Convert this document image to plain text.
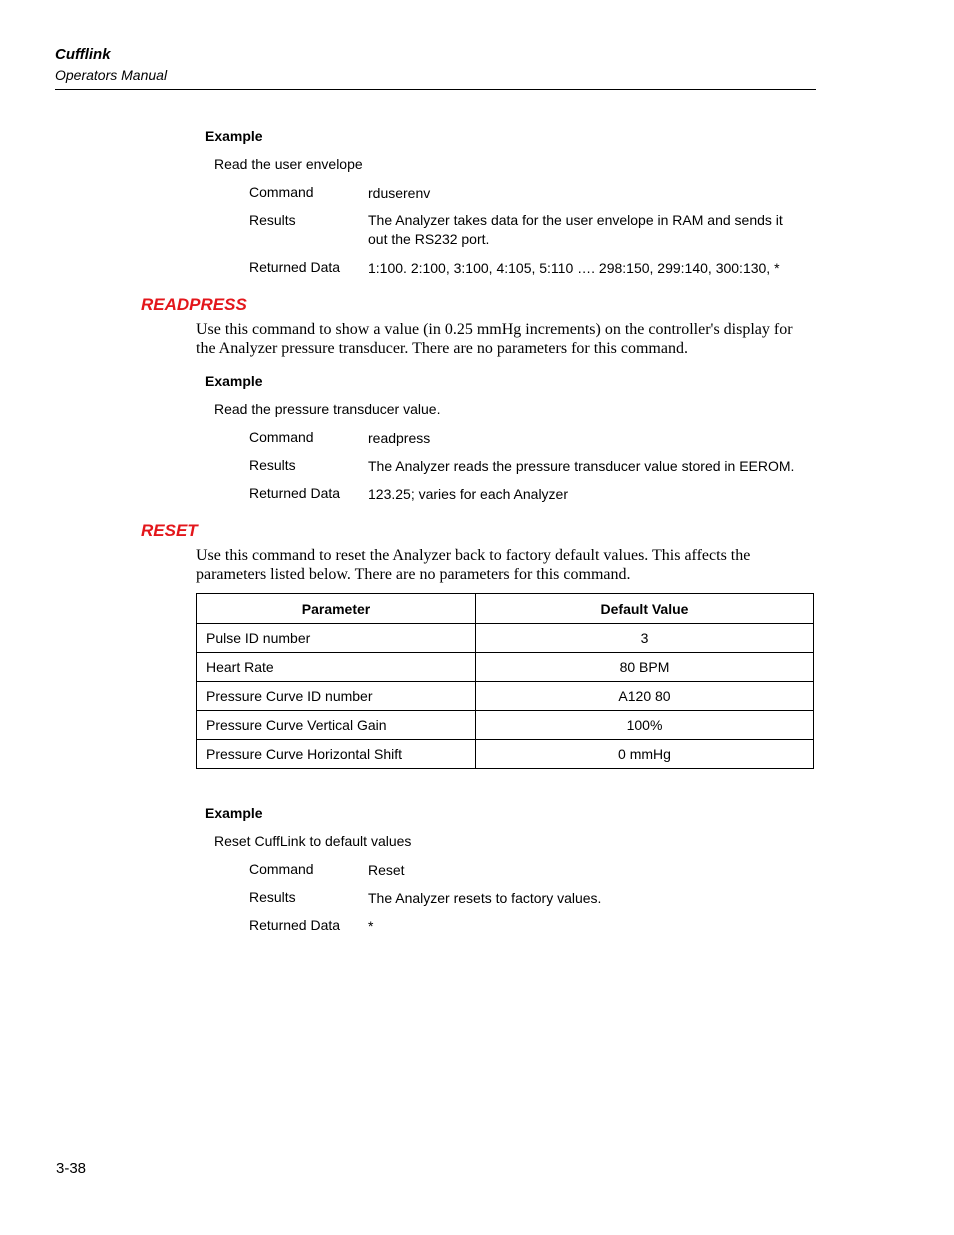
Cufflink
Operators Manual
Example
Read the user envelope
Command	rduserenv
Results	The Analyzer takes data for the user envelope in RAM and sends it out the RS232 port.
Returned Data 1:100. 2:100, 3:100, 4:105, 5:110 …. 298:150, 299:140, 300:130, *
READPRESS
Use this command to show a value (in 0.25 mmHg increments) on the controller's display for the Analyzer pressure transducer. There are no parameters for this command.
Example
Read the pressure transducer value.
Command	readpress
Results	The Analyzer reads the pressure transducer value stored in EEROM.
Returned Data 123.25; varies for each Analyzer
RESET
Use this command to reset the Analyzer back to factory default values. This affects the parameters listed below. There are no parameters for this command.
Parameter	Default Value
Pulse ID number	3
Heart Rate	80 BPM
Pressure Curve ID number	A120 80
Pressure Curve Vertical Gain	100%
Pressure Curve Horizontal Shift	0 mmHg
Example
Reset CuffLink to default values
Command	Reset
Results	The Analyzer resets to factory values.
Returned Data *
3-38
